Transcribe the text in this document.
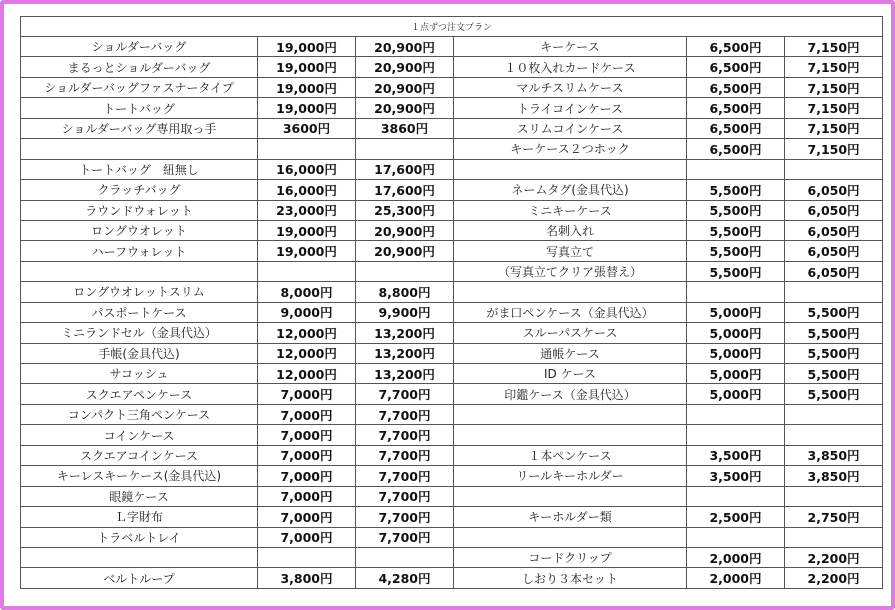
１点ずつ注文プラン					
ショルダーバッグ	19,000円	20,900円	キーケース	6,500円	7,150円
まるっとショルダーバッグ	19,000円	20,900円	１０枚入れカードケース	6,500円	7,150円
ショルダーバッグファスナータイプ	19,000円	20,900円	マルチスリムケース	6,500円	7,150円
トートバッグ	19,000円	20,900円	トライコインケース	6,500円	7,150円
ショルダーバッグ専用取っ手	3600円	3860円	スリムコインケース	6,500円	7,150円
			キーケース２つホック	6,500円	7,150円
トートバッグ　紐無し	16,000円	17,600円			
クラッチバッグ	16,000円	17,600円	ネームタグ(金具代込)	5,500円	6,050円
ラウンドウォレット	23,000円	25,300円	ミニキーケース	5,500円	6,050円
ロングウオレット	19,000円	20,900円	名刺入れ	5,500円	6,050円
ハーフウォレット	19,000円	20,900円	写真立て	5,500円	6,050円
			（写真立てクリア張替え）	5,500円	6,050円
ロングウオレットスリム	8,000円	8,800円			
パスポートケース	9,000円	9,900円	がま口ペンケース（金具代込）	5,000円	5,500円
ミニランドセル（金具代込）	12,000円	13,200円	スルーパスケース	5,000円	5,500円
手帳(金具代込)	12,000円	13,200円	通帳ケース	5,000円	5,500円
サコッシュ	12,000円	13,200円	ID ケース	5,000円	5,500円
スクエアペンケース	7,000円	7,700円	印鑑ケース（金具代込）	5,000円	5,500円
コンパクト三角ペンケース	7,000円	7,700円			
コインケース	7,000円	7,700円			
スクエアコインケース	7,000円	7,700円	１本ペンケース	3,500円	3,850円
キーレスキーケース(金具代込)	7,000円	7,700円	リールキーホルダー	3,500円	3,850円
眼鏡ケース	7,000円	7,700円			
Ｌ字財布	7,000円	7,700円	キーホルダー類	2,500円	2,750円
トラベルトレイ	7,000円	7,700円			
			コードクリップ	2,000円	2,200円
ベルトループ	3,800円	4,280円	しおり３本セット	2,000円	2,200円
